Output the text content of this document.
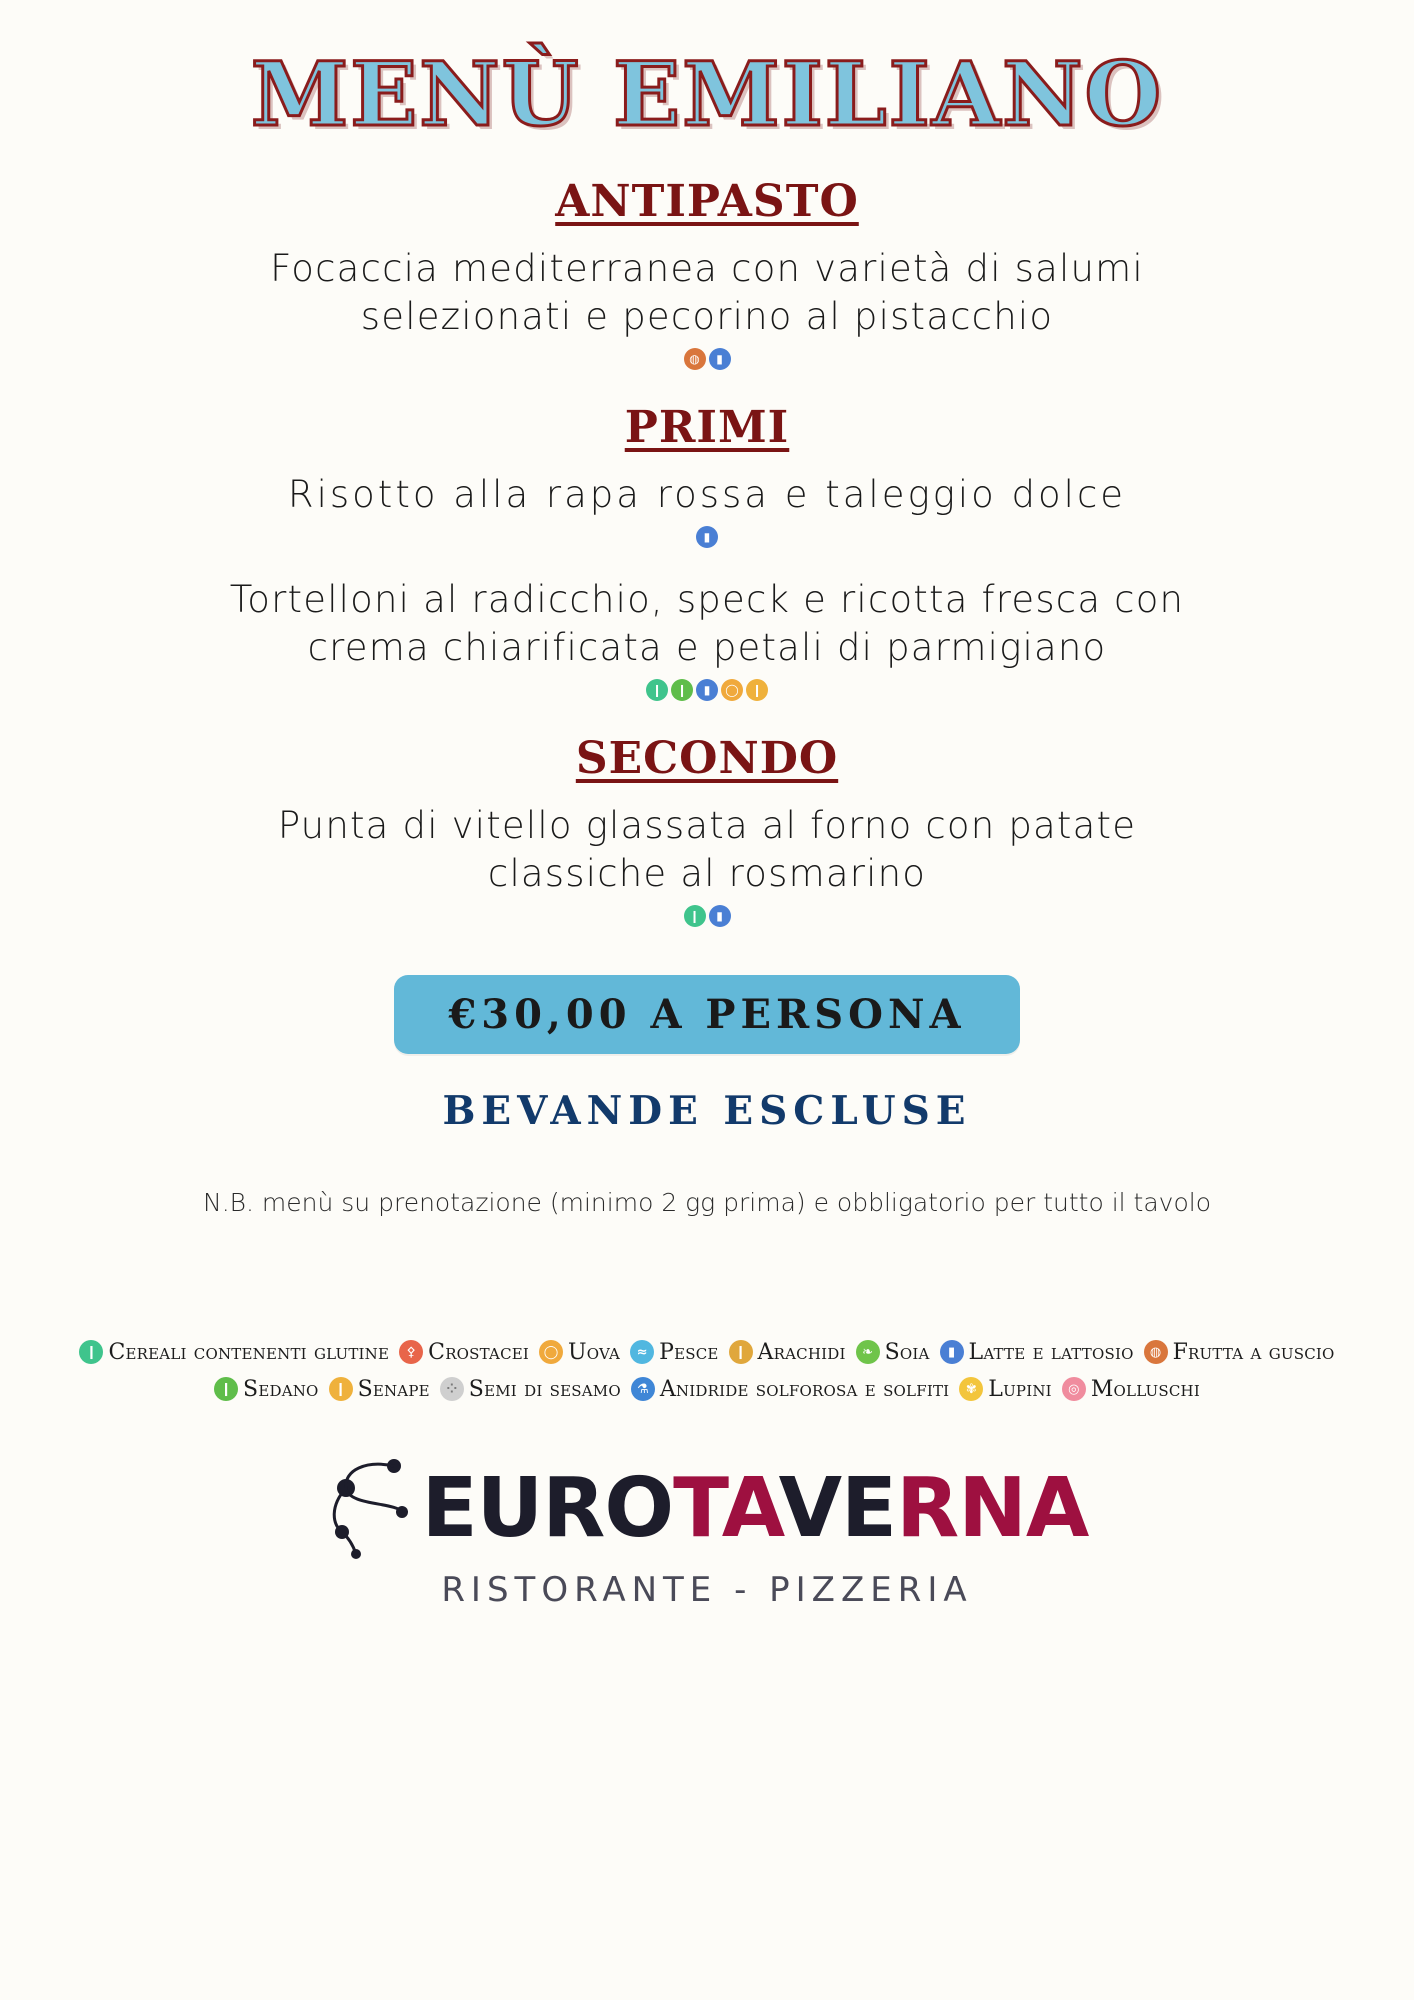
MENÙ EMILIANO
ANTIPASTO
Focaccia mediterranea con varietà di salumi selezionati e pecorino al pistacchio
◍	▮
PRIMI
Risotto alla rapa rossa e taleggio dolce
▮
Tortelloni al radicchio, speck e ricotta fresca con crema chiarificata e petali di parmigiano
❙	❙	▮	◯	❙
SECONDO
Punta di vitello glassata al forno con patate classiche al rosmarino
❙	▮
€30,00 A PERSONA
BEVANDE ESCLUSE
N.B. menù su prenotazione (minimo 2 gg prima) e obbligatorio per tutto il tavolo
❙ Cereali contenenti glutine	⚴ Crostacei	◯ Uova	≈ Pesce	❙ Arachidi	❧ Soia	▮ Latte e lattosio	◍ Frutta a guscio
❙ Sedano	❙ Senape	⁘ Semi di sesamo	⚗ Anidride solforosa e solfiti	✾ Lupini	◎ Molluschi
EUROTAVERNA
RISTORANTE - PIZZERIA
